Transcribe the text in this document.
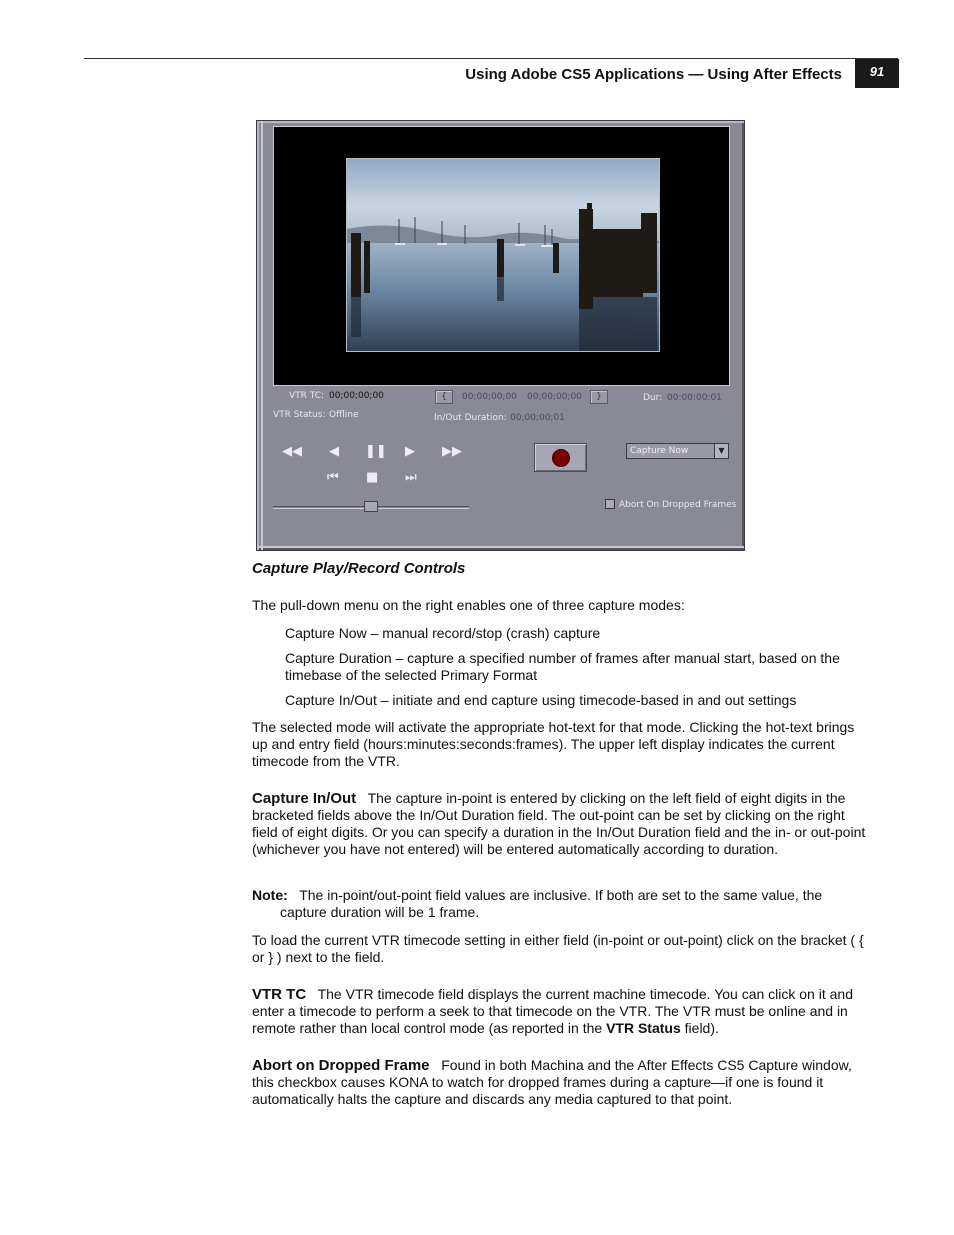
Using Adobe CS5 Applications — Using After Effects	91
VTR TC: 00;00;00;00
VTR Status: Offline
{	00;00;00;00 00;00;00;00	}	Dur: 00:00:00:01
In/Out Duration: 00;00;00;01
◀◀ ◀ ❚❚ ▶ ▶▶
⏮ ■ ⏭
Capture Now	▼
Abort On Dropped Frames
Capture Play/Record Controls

The pull-down menu on the right enables one of three capture modes:

Capture Now – manual record/stop (crash) capture

Capture Duration – capture a specified number of frames after manual start, based on the timebase of the selected Primary Format

Capture In/Out – initiate and end capture using timecode-based in and out settings

The selected mode will activate the appropriate hot-text for that mode. Clicking the hot-text brings up and entry field (hours:minutes:seconds:frames). The upper left display indicates the current timecode from the VTR.

Capture In/Out The capture in-point is entered by clicking on the left field of eight digits in the bracketed fields above the In/Out Duration field. The out-point can be set by clicking on the right field of eight digits. Or you can specify a duration in the In/Out Duration field and the in- or out-point (whichever you have not entered) will be entered automatically according to duration.

Note: The in-point/out-point field values are inclusive. If both are set to the same value, the capture duration will be 1 frame.

To load the current VTR timecode setting in either field (in-point or out-point) click on the bracket ( { or } ) next to the field.

VTR TC The VTR timecode field displays the current machine timecode. You can click on it and enter a timecode to perform a seek to that timecode on the VTR. The VTR must be online and in remote rather than local control mode (as reported in the VTR Status field).

Abort on Dropped Frame Found in both Machina and the After Effects CS5 Capture window, this checkbox causes KONA to watch for dropped frames during a capture—if one is found it automatically halts the capture and discards any media captured to that point.
